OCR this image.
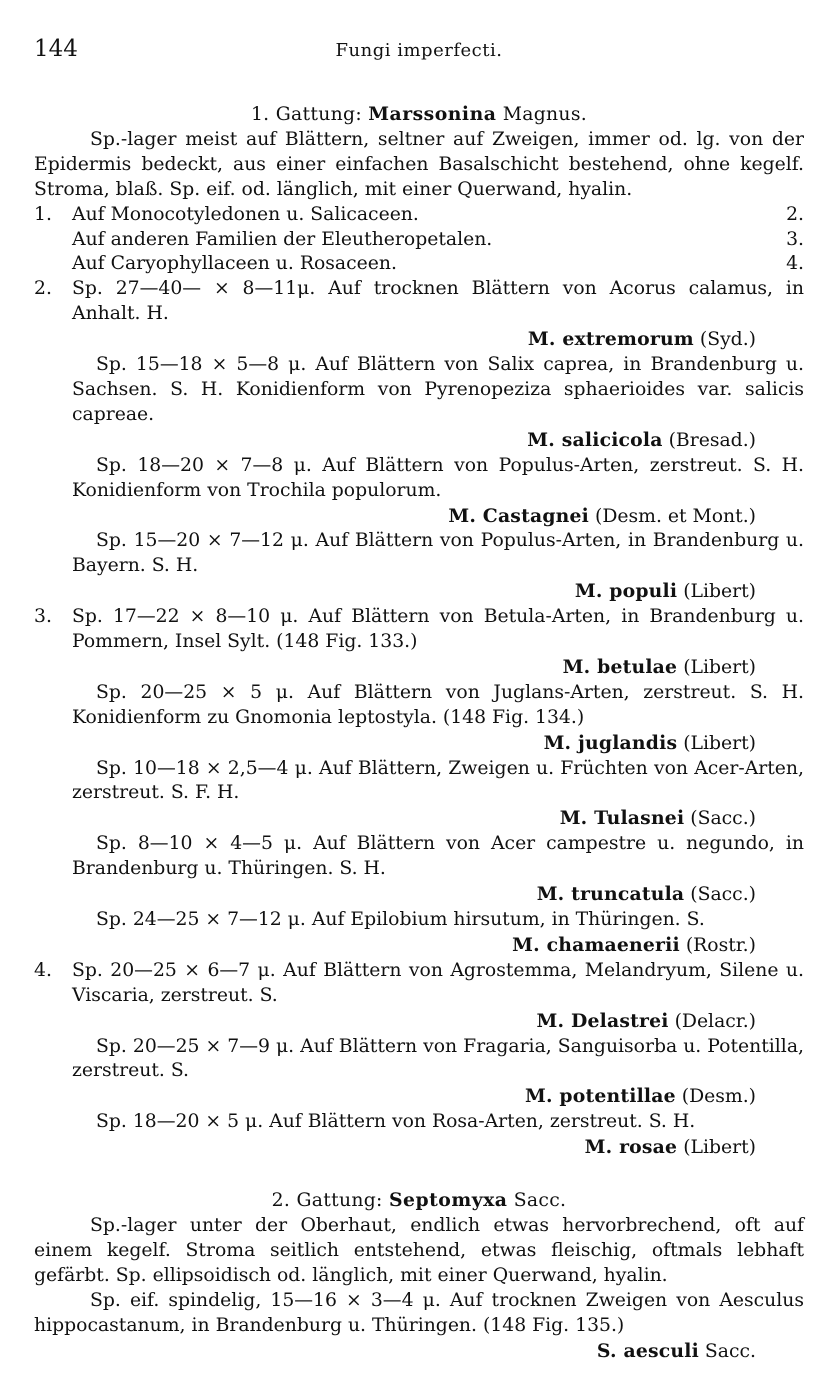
144	Fungi imperfecti.
1. Gattung: Marssonina Magnus.

Sp.-lager meist auf Blättern, seltner auf Zweigen, immer od. lg. von der Epidermis bedeckt, aus einer einfachen Basalschicht bestehend, ohne kegelf. Stroma, blaß. Sp. eif. od. länglich, mit einer Querwand, hyalin.

1.	Auf Monocotyledonen u. Salicaceen.	2.
Auf anderen Familien der Eleutheropetalen.	3.
Auf Caryophyllaceen u. Rosaceen.	4.
2.	Sp. 27—40— × 8—11μ. Auf trocknen Blättern von Acorus calamus, in Anhalt. H.
M. extremorum (Syd.)
Sp. 15—18 × 5—8 μ. Auf Blättern von Salix caprea, in Brandenburg u. Sachsen. S. H. Konidienform von Pyrenopeziza sphaerioides var. salicis capreae.
M. salicicola (Bresad.)
Sp. 18—20 × 7—8 μ. Auf Blättern von Populus-Arten, zerstreut. S. H. Konidienform von Trochila populorum.
M. Castagnei (Desm. et Mont.)
Sp. 15—20 × 7—12 μ. Auf Blättern von Populus-Arten, in Brandenburg u. Bayern. S. H.
M. populi (Libert)
3.	Sp. 17—22 × 8—10 μ. Auf Blättern von Betula-Arten, in Brandenburg u. Pommern, Insel Sylt. (148 Fig. 133.)
M. betulae (Libert)
Sp. 20—25 × 5 μ. Auf Blättern von Juglans-Arten, zerstreut. S. H. Konidienform zu Gnomonia leptostyla. (148 Fig. 134.)
M. juglandis (Libert)
Sp. 10—18 × 2,5—4 μ. Auf Blättern, Zweigen u. Früchten von Acer-Arten, zerstreut. S. F. H.
M. Tulasnei (Sacc.)
Sp. 8—10 × 4—5 μ. Auf Blättern von Acer campestre u. negundo, in Brandenburg u. Thüringen. S. H.
M. truncatula (Sacc.)
Sp. 24—25 × 7—12 μ. Auf Epilobium hirsutum, in Thüringen. S.
M. chamaenerii (Rostr.)
4.	Sp. 20—25 × 6—7 μ. Auf Blättern von Agrostemma, Melandryum, Silene u. Viscaria, zerstreut. S.
M. Delastrei (Delacr.)
Sp. 20—25 × 7—9 μ. Auf Blättern von Fragaria, Sanguisorba u. Potentilla, zerstreut. S.
M. potentillae (Desm.)
Sp. 18—20 × 5 μ. Auf Blättern von Rosa-Arten, zerstreut. S. H.
M. rosae (Libert)
2. Gattung: Septomyxa Sacc.

Sp.-lager unter der Oberhaut, endlich etwas hervorbrechend, oft auf einem kegelf. Stroma seitlich entstehend, etwas fleischig, oftmals lebhaft gefärbt. Sp. ellipsoidisch od. länglich, mit einer Querwand, hyalin.

Sp. eif. spindelig, 15—16 × 3—4 μ. Auf trocknen Zweigen von Aesculus hippocastanum, in Brandenburg u. Thüringen. (148 Fig. 135.)

S. aesculi Sacc.
